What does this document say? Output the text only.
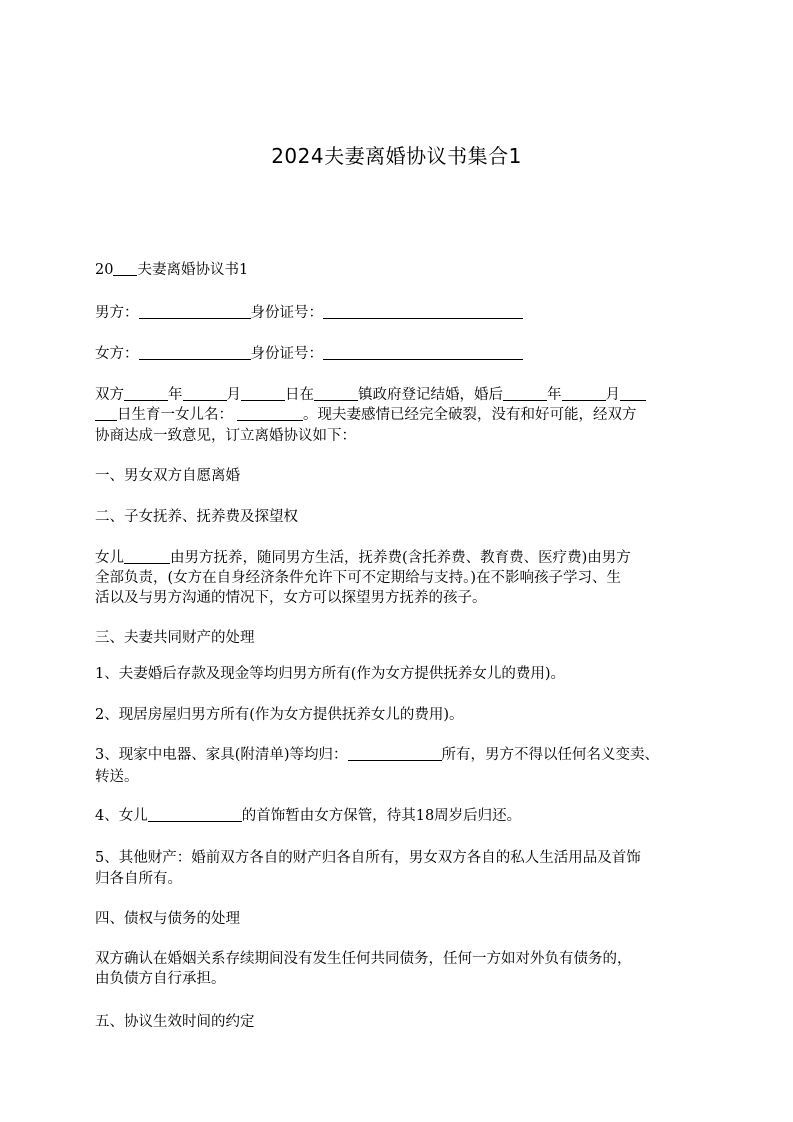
2024夫妻离婚协议书集合1
20 夫妻离婚协议书1
男方：	身份证号：
女方：	身份证号：
双方	年	月	日在	镇政府登记结婚，婚后	年	月
日生育一女儿名：	。现夫妻感情已经完全破裂，没有和好可能，经双方
协商达成一致意见，订立离婚协议如下：
一、男女双方自愿离婚
二、子女抚养、抚养费及探望权
女儿	由男方抚养，随同男方生活，抚养费(含托养费、教育费、医疗费)由男方
全部负责，(女方在自身经济条件允许下可不定期给与支持。)在不影响孩子学习、生
活以及与男方沟通的情况下，女方可以探望男方抚养的孩子。
三、夫妻共同财产的处理
1、夫妻婚后存款及现金等均归男方所有(作为女方提供抚养女儿的费用)。
2、现居房屋归男方所有(作为女方提供抚养女儿的费用)。
3、现家中电器、家具(附清单)等均归：	所有，男方不得以任何名义变卖、
转送。
4、女儿	的首饰暂由女方保管，待其18周岁后归还。
5、其他财产：婚前双方各自的财产归各自所有，男女双方各自的私人生活用品及首饰
归各自所有。
四、债权与债务的处理
双方确认在婚姻关系存续期间没有发生任何共同债务，任何一方如对外负有债务的，
由负债方自行承担。
五、协议生效时间的约定
